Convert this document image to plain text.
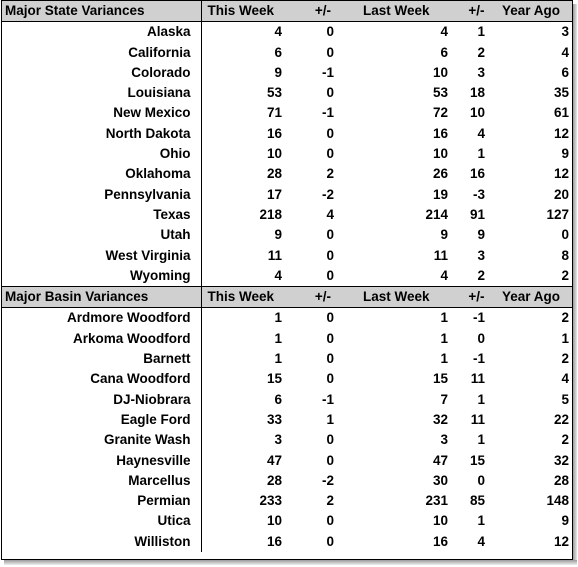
Major State Variances	This Week	+/-	Last Week	+/-	Year Ago
Alaska	4	0	4	1	3
California	6	0	6	2	4
Colorado	9	-1	10	3	6
Louisiana	53	0	53	18	35
New Mexico	71	-1	72	10	61
North Dakota	16	0	16	4	12
Ohio	10	0	10	1	9
Oklahoma	28	2	26	16	12
Pennsylvania	17	-2	19	-3	20
Texas	218	4	214	91	127
Utah	9	0	9	9	0
West Virginia	11	0	11	3	8
Wyoming	4	0	4	2	2
Major Basin Variances	This Week	+/-	Last Week	+/-	Year Ago
Ardmore Woodford	1	0	1	-1	2
Arkoma Woodford	1	0	1	0	1
Barnett	1	0	1	-1	2
Cana Woodford	15	0	15	11	4
DJ-Niobrara	6	-1	7	1	5
Eagle Ford	33	1	32	11	22
Granite Wash	3	0	3	1	2
Haynesville	47	0	47	15	32
Marcellus	28	-2	30	0	28
Permian	233	2	231	85	148
Utica	10	0	10	1	9
Williston	16	0	16	4	12
